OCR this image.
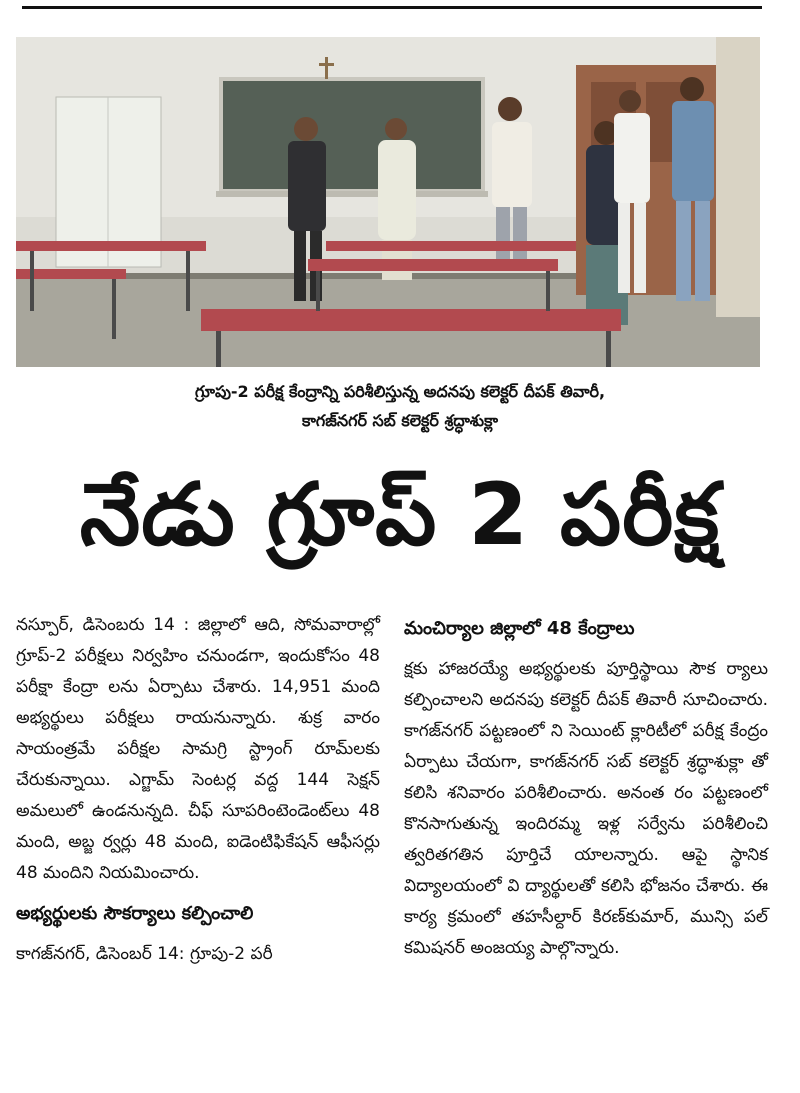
గ్రూపు-2 పరీక్ష కేంద్రాన్ని పరిశీలిస్తున్న అదనపు కలెక్టర్ దీపక్ తివారీ,
కాగజ్‌నగర్ సబ్ కలెక్టర్ శ్రద్ధాశుక్లా
నేడు గ్రూప్ 2 పరీక్ష

నస్పూర్, డిసెంబరు 14 : జిల్లాలో ఆది, సోమవారాల్లో గ్రూప్-2 పరీక్షలు నిర్వహిం చనుండగా, ఇందుకోసం 48 పరీక్షా కేంద్రా లను ఏర్పాటు చేశారు. 14,951 మంది అభ్యర్థులు పరీక్షలు రాయనున్నారు. శుక్ర వారం సాయంత్రమే పరీక్షల సామగ్రి స్ట్రాంగ్ రూమ్‌లకు చేరుకున్నాయి. ఎగ్జామ్ సెంటర్ల వద్ద 144 సెక్షన్ అమలులో ఉండనున్నది. చీఫ్ సూపరింటెండెంట్‌లు 48 మంది, అబ్జ ర్వర్లు 48 మంది, ఐడెంటిఫికేషన్ ఆఫీసర్లు 48 మందిని నియమించారు.

అభ్యర్థులకు సౌకర్యాలు కల్పించాలి

కాగజ్‌నగర్, డిసెంబర్ 14: గ్రూపు-2 పరీ

మంచిర్యాల జిల్లాలో 48 కేంద్రాలు

క్షకు హాజరయ్యే అభ్యర్థులకు పూర్తిస్థాయి సౌక ర్యాలు కల్పించాలని అదనపు కలెక్టర్ దీపక్ తివారీ సూచించారు. కాగజ్‌నగర్ పట్టణంలో ని సెయింట్ క్లారిటీలో పరీక్ష కేంద్రం ఏర్పాటు చేయగా, కాగజ్‌నగర్ సబ్ కలెక్టర్ శ్రద్ధాశుక్లా తో కలిసి శనివారం పరిశీలించారు. అనంత రం పట్టణంలో కొనసాగుతున్న ఇందిరమ్మ ఇళ్ల సర్వేను పరిశీలించి త్వరితగతిన పూర్తిచే యాలన్నారు. ఆపై స్థానిక విద్యాలయంలో వి ద్యార్థులతో కలిసి భోజనం చేశారు. ఈ కార్య క్రమంలో తహసీల్దార్ కిరణ్‌కుమార్, మున్సి పల్ కమిషనర్ అంజయ్య పాల్గొన్నారు.
